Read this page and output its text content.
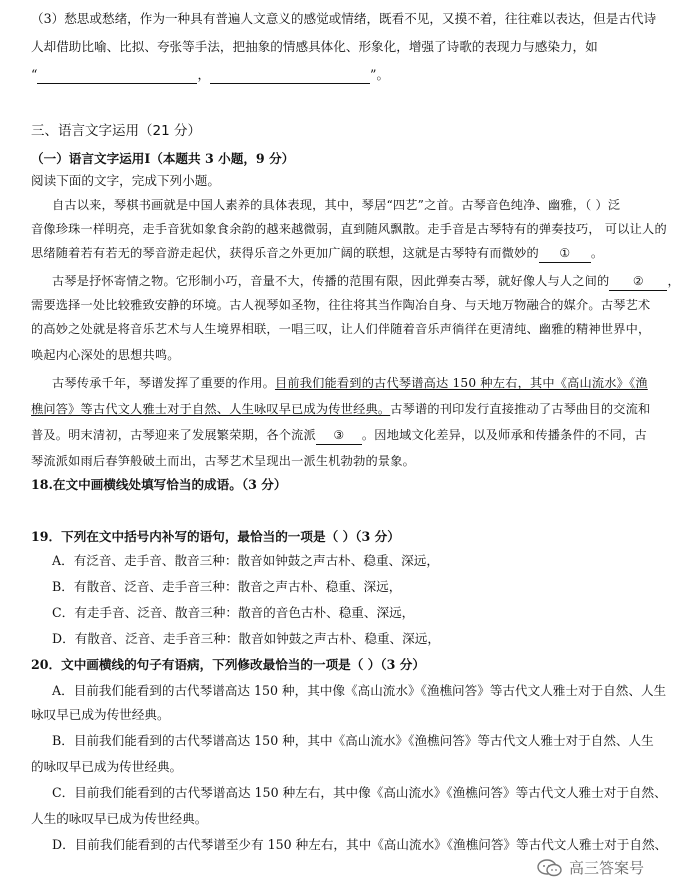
（3）愁思或愁绪，作为一种具有普遍人文意义的感觉或情绪，既看不见，又摸不着，往往难以表达，但是古代诗
人却借助比喻、比拟、夸张等手法，把抽象的情感具体化、形象化，增强了诗歌的表现力与感染力，如
“	，	”。
三、语言文字运用（21 分）
（一）语言文字运用Ⅰ（本题共 3 小题，9 分）
阅读下面的文字，完成下列小题。
自古以来，琴棋书画就是中国人素养的具体表现，其中，琴居“四艺”之首。古琴音色纯净、幽雅，（ ）泛
音像珍珠一样明亮，走手音犹如象食余韵的越来越微弱，直到随风飘散。走手音是古琴特有的弹奏技巧， 可以让人的
思绪随着若有若无的琴音游走起伏，获得乐音之外更加广阔的联想，这就是古琴特有而微妙的 ① 。
古琴是抒怀寄情之物。它形制小巧，音量不大，传播的范围有限，因此弹奏古琴，就好像人与人之间的 ② ，
需要选择一处比较雅致安静的环境。古人视琴如圣物，往往将其当作陶冶自身、与天地万物融合的媒介。古琴艺术
的高妙之处就是将音乐艺术与人生境界相联，一唱三叹，让人们伴随着音乐声徜徉在更清纯、幽雅的精神世界中，
唤起内心深处的思想共鸣。
古琴传承千年，琴谱发挥了重要的作用。目前我们能看到的古代琴谱高达 150 种左右，其中《高山流水》《渔
樵问答》等古代文人雅士对于自然、人生咏叹早已成为传世经典。古琴谱的刊印发行直接推动了古琴曲目的交流和
普及。明末清初，古琴迎来了发展繁荣期，各个流派 ③ 。因地域文化差异，以及师承和传播条件的不同，古
琴流派如雨后春笋般破土而出，古琴艺术呈现出一派生机勃勃的景象。
18.在文中画横线处填写恰当的成语。（3 分）
19．下列在文中括号内补写的语句，最恰当的一项是（ ）（3 分）
A．有泛音、走手音、散音三种：散音如钟鼓之声古朴、稳重、深远，
B．有散音、泛音、走手音三种：散音之声古朴、稳重、深远，
C．有走手音、泛音、散音三种：散音的音色古朴、稳重、深远，
D．有散音、泛音、走手音三种：散音如钟鼓之声古朴、稳重、深远，
20．文中画横线的句子有语病，下列修改最恰当的一项是（ ）（3 分）
A．目前我们能看到的古代琴谱高达 150 种，其中像《高山流水》《渔樵问答》等古代文人雅士对于自然、人生
咏叹早已成为传世经典。
B．目前我们能看到的古代琴谱高达 150 种，其中《高山流水》《渔樵问答》等古代文人雅士对于自然、人生
的咏叹早已成为传世经典。
C．目前我们能看到的古代琴谱高达 150 种左右，其中像《高山流水》《渔樵问答》等古代文人雅士对于自然、
人生的咏叹早已成为传世经典。
D．目前我们能看到的古代琴谱至少有 150 种左右，其中《高山流水》《渔樵问答》等古代文人雅士对于自然、
高三答案号
